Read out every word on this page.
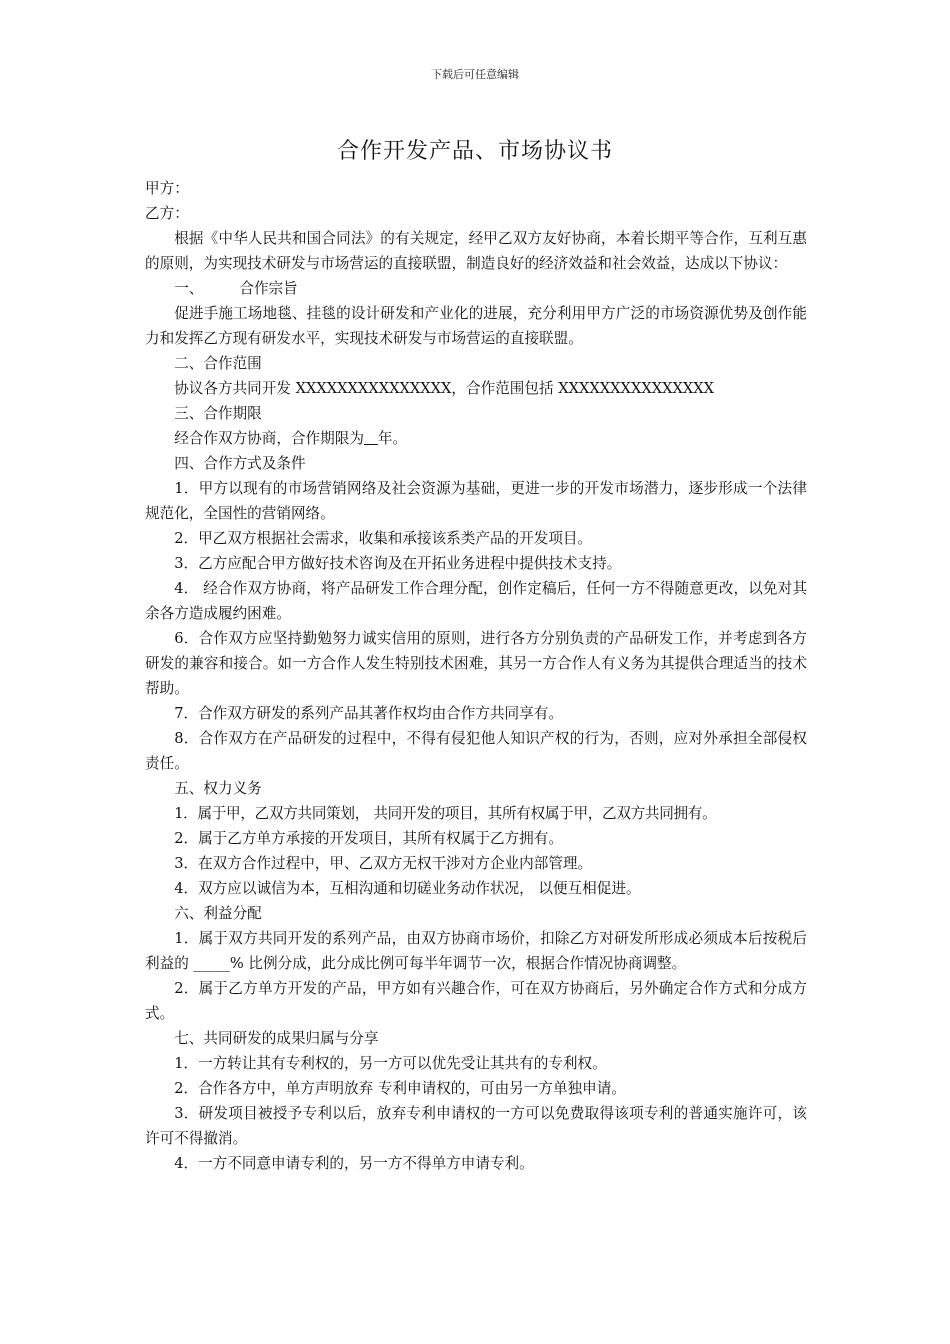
下载后可任意编辑
合作开发产品、市场协议书

甲方：

乙方：

根据《中华人民共和国合同法》的有关规定，经甲乙双方友好协商，本着长期平等合作，互利互惠的原则，为实现技术研发与市场营运的直接联盟，制造良好的经济效益和社会效益，达成以下协议：

一、 合作宗旨

促进手施工场地毯、挂毯的设计研发和产业化的进展，充分利用甲方广泛的市场资源优势及创作能力和发挥乙方现有研发水平，实现技术研发与市场营运的直接联盟。

二、合作范围

协议各方共同开发 XXXXXXXXXXXXXXX，合作范围包括 XXXXXXXXXXXXXXX

三、合作期限

经合作双方协商，合作期限为 年。

四、合作方式及条件

1．甲方以现有的市场营销网络及社会资源为基础，更进一步的开发市场潜力，逐步形成一个法律规范化，全国性的营销网络。

2．甲乙双方根据社会需求，收集和承接该系类产品的开发项目。

3．乙方应配合甲方做好技术咨询及在开拓业务进程中提供技术支持。

4． 经合作双方协商，将产品研发工作合理分配，创作定稿后，任何一方不得随意更改，以免对其余各方造成履约困难。

6．合作双方应坚持勤勉努力诚实信用的原则，进行各方分别负责的产品研发工作，并考虑到各方研发的兼容和接合。如一方合作人发生特别技术困难，其另一方合作人有义务为其提供合理适当的技术帮助。

7．合作双方研发的系列产品其著作权均由合作方共同享有。

8．合作双方在产品研发的过程中，不得有侵犯他人知识产权的行为，否则，应对外承担全部侵权责任。

五、权力义务

1．属于甲，乙双方共同策划， 共同开发的项目，其所有权属于甲，乙双方共同拥有。

2．属于乙方单方承接的开发项目，其所有权属于乙方拥有。

3．在双方合作过程中，甲、乙双方无权干涉对方企业内部管理。

4．双方应以诚信为本，互相沟通和切磋业务动作状况， 以便互相促进。

六、利益分配

1．属于双方共同开发的系列产品，由双方协商市场价，扣除乙方对研发所形成必须成本后按税后利益的 _____% 比例分成，此分成比例可每半年调节一次，根据合作情况协商调整。

2．属于乙方单方开发的产品，甲方如有兴趣合作，可在双方协商后，另外确定合作方式和分成方式。

七、共同研发的成果归属与分享

1．一方转让其有专利权的，另一方可以优先受让其共有的专利权。

2．合作各方中，单方声明放弃 专利申请权的，可由另一方单独申请。

3．研发项目被授予专利以后，放弃专利申请权的一方可以免费取得该项专利的普通实施许可，该许可不得撤消。

4．一方不同意申请专利的，另一方不得单方申请专利。
